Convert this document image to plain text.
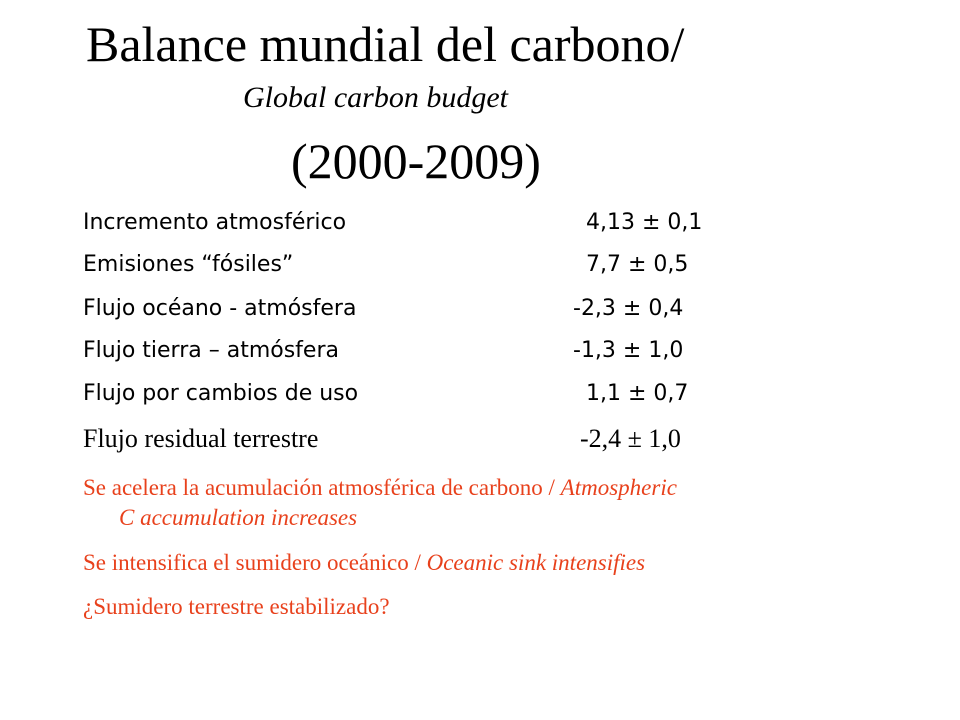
Balance mundial del carbono/
Global carbon budget
(2000-2009)
Incremento atmosférico	4,13 ± 0,1
Emisiones “fósiles”	7,7 ± 0,5
Flujo océano - atmósfera	-2,3 ± 0,4
Flujo tierra – atmósfera	-1,3 ± 1,0
Flujo por cambios de uso	1,1 ± 0,7
Flujo residual terrestre	-2,4 ± 1,0
Se acelera la acumulación atmosférica de carbono / Atmospheric
C accumulation increases
Se intensifica el sumidero oceánico / Oceanic sink intensifies
¿Sumidero terrestre estabilizado?
